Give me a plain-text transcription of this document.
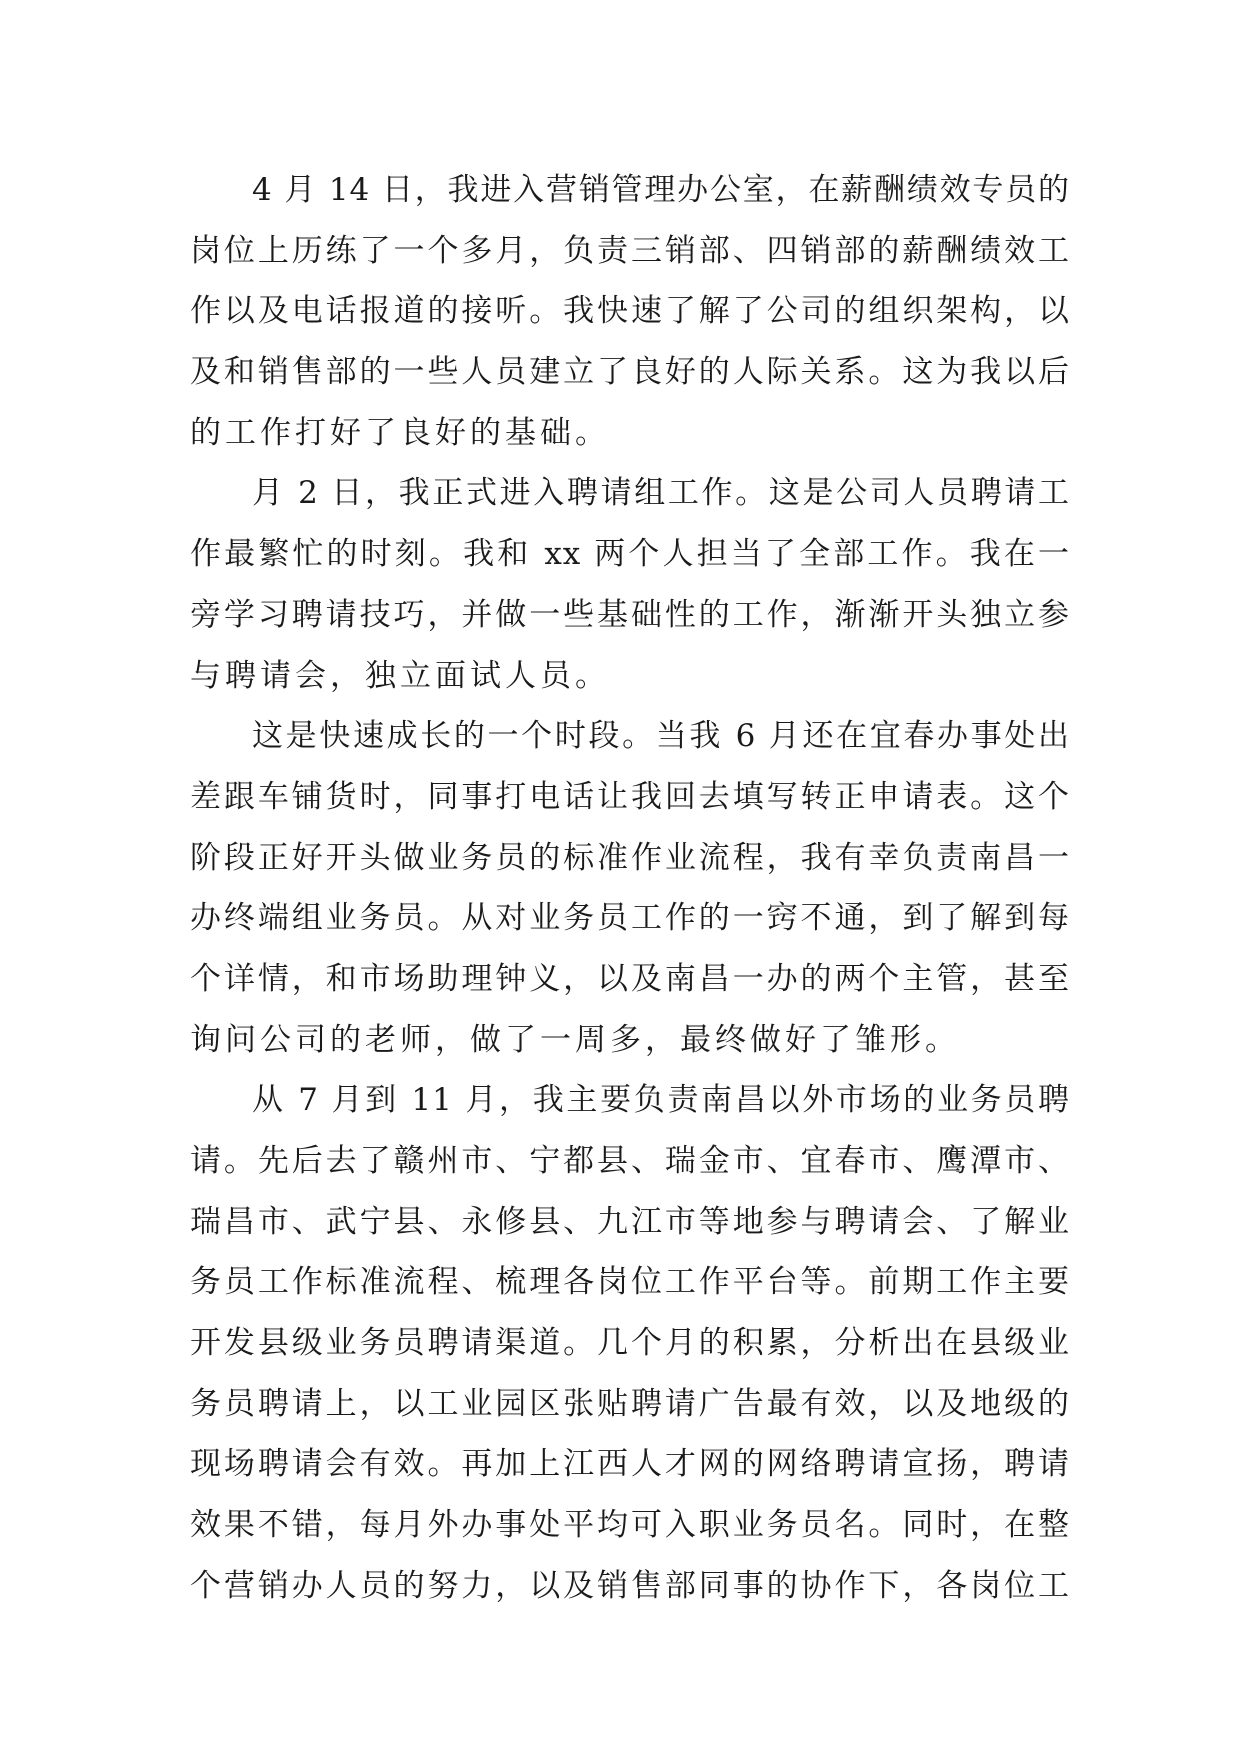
4 月 14 日，我进入营销管理办公室，在薪酬绩效专员的
岗位上历练了一个多月，负责三销部、四销部的薪酬绩效工
作以及电话报道的接听。我快速了解了公司的组织架构，以
及和销售部的一些人员建立了良好的人际关系。这为我以后
的工作打好了良好的基础。
月 2 日，我正式进入聘请组工作。这是公司人员聘请工
作最繁忙的时刻。我和 xx 两个人担当了全部工作。我在一
旁学习聘请技巧，并做一些基础性的工作，渐渐开头独立参
与聘请会，独立面试人员。
这是快速成长的一个时段。当我 6 月还在宜春办事处出
差跟车铺货时，同事打电话让我回去填写转正申请表。这个
阶段正好开头做业务员的标准作业流程，我有幸负责南昌一
办终端组业务员。从对业务员工作的一窍不通，到了解到每
个详情，和市场助理钟义，以及南昌一办的两个主管，甚至
询问公司的老师，做了一周多，最终做好了雏形。
从 7 月到 11 月，我主要负责南昌以外市场的业务员聘
请。先后去了赣州市、宁都县、瑞金市、宜春市、鹰潭市、
瑞昌市、武宁县、永修县、九江市等地参与聘请会、了解业
务员工作标准流程、梳理各岗位工作平台等。前期工作主要
开发县级业务员聘请渠道。几个月的积累，分析出在县级业
务员聘请上，以工业园区张贴聘请广告最有效，以及地级的
现场聘请会有效。再加上江西人才网的网络聘请宣扬，聘请
效果不错，每月外办事处平均可入职业务员名。同时，在整
个营销办人员的努力，以及销售部同事的协作下，各岗位工
